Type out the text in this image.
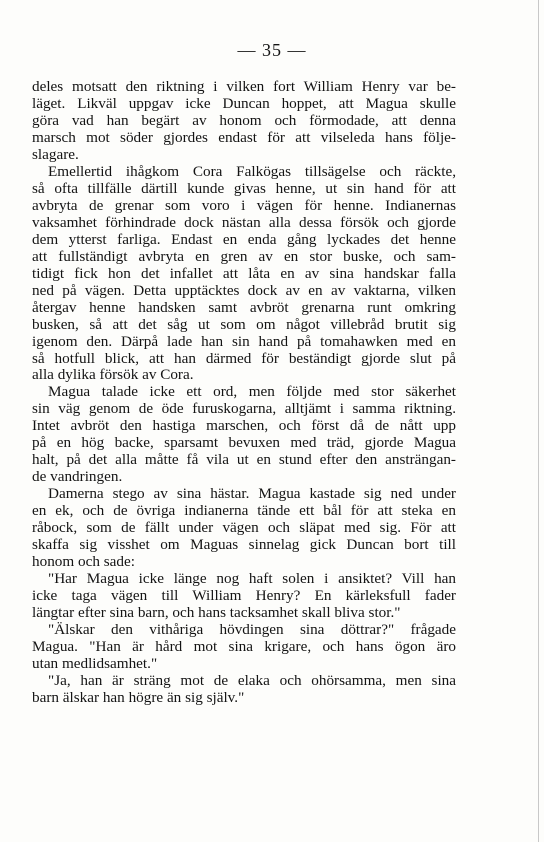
— 35 —
deles motsatt den riktning i vilken fort William Henry var be-
läget. Likväl uppgav icke Duncan hoppet, att Magua skulle
göra vad han begärt av honom och förmodade, att denna
marsch mot söder gjordes endast för att vilseleda hans följe-
slagare.
Emellertid ihågkom Cora Falkögas tillsägelse och räckte,
så ofta tillfälle därtill kunde givas henne, ut sin hand för att
avbryta de grenar som voro i vägen för henne. Indianernas
vaksamhet förhindrade dock nästan alla dessa försök och gjorde
dem ytterst farliga. Endast en enda gång lyckades det henne
att fullständigt avbryta en gren av en stor buske, och sam-
tidigt fick hon det infallet att låta en av sina handskar falla
ned på vägen. Detta upptäcktes dock av en av vaktarna, vilken
återgav henne handsken samt avbröt grenarna runt omkring
busken, så att det såg ut som om något villebråd brutit sig
igenom den. Därpå lade han sin hand på tomahawken med en
så hotfull blick, att han därmed för beständigt gjorde slut på
alla dylika försök av Cora.
Magua talade icke ett ord, men följde med stor säkerhet
sin väg genom de öde furuskogarna, alltjämt i samma riktning.
Intet avbröt den hastiga marschen, och först då de nått upp
på en hög backe, sparsamt bevuxen med träd, gjorde Magua
halt, på det alla måtte få vila ut en stund efter den ansträngan-
de vandringen.
Damerna stego av sina hästar. Magua kastade sig ned under
en ek, och de övriga indianerna tände ett bål för att steka en
råbock, som de fällt under vägen och släpat med sig. För att
skaffa sig visshet om Maguas sinnelag gick Duncan bort till
honom och sade:
"Har Magua icke länge nog haft solen i ansiktet? Vill han
icke taga vägen till William Henry? En kärleksfull fader
längtar efter sina barn, och hans tacksamhet skall bliva stor."
"Älskar den vithåriga hövdingen sina döttrar?" frågade
Magua. "Han är hård mot sina krigare, och hans ögon äro
utan medlidsamhet."
"Ja, han är sträng mot de elaka och ohörsamma, men sina
barn älskar han högre än sig själv."
